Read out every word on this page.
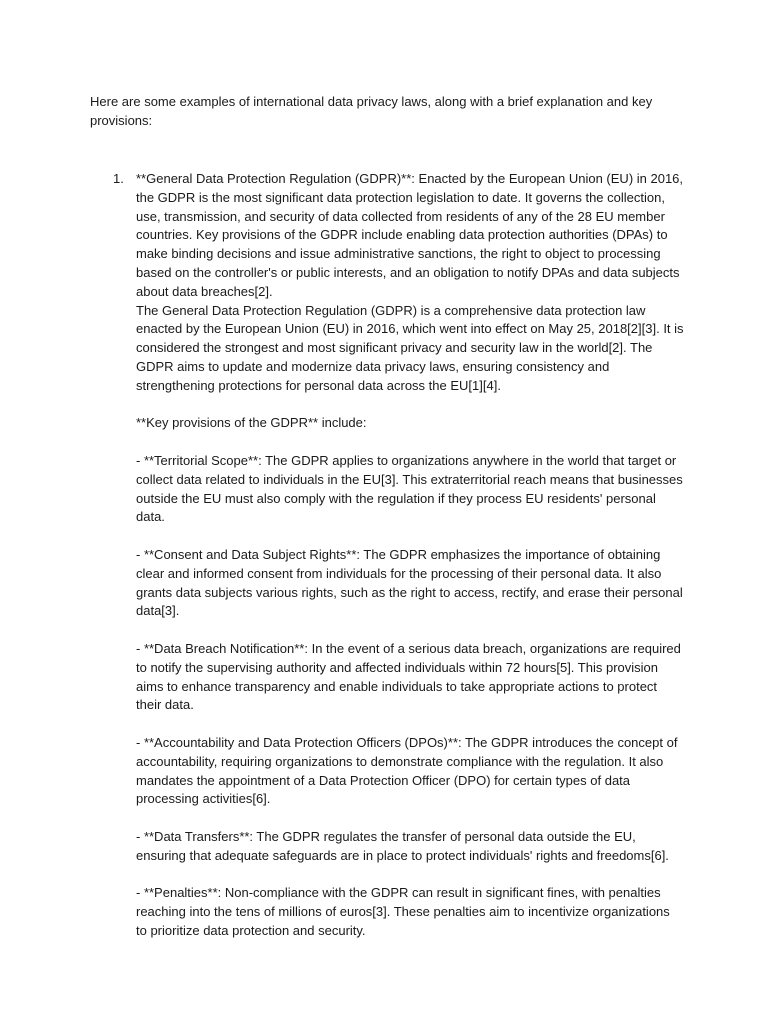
Here are some examples of international data privacy laws, along with a brief explanation and key provisions:

1. **General Data Protection Regulation (GDPR)**: Enacted by the European Union (EU) in 2016, the GDPR is the most significant data protection legislation to date. It governs the collection, use, transmission, and security of data collected from residents of any of the 28 EU member countries. Key provisions of the GDPR include enabling data protection authorities (DPAs) to make binding decisions and issue administrative sanctions, the right to object to processing based on the controller's or public interests, and an obligation to notify DPAs and data subjects about data breaches[2].

The General Data Protection Regulation (GDPR) is a comprehensive data protection law enacted by the European Union (EU) in 2016, which went into effect on May 25, 2018[2][3]. It is considered the strongest and most significant privacy and security law in the world[2]. The GDPR aims to update and modernize data privacy laws, ensuring consistency and strengthening protections for personal data across the EU[1][4].

**Key provisions of the GDPR** include:

- **Territorial Scope**: The GDPR applies to organizations anywhere in the world that target or collect data related to individuals in the EU[3]. This extraterritorial reach means that businesses outside the EU must also comply with the regulation if they process EU residents' personal data.

- **Consent and Data Subject Rights**: The GDPR emphasizes the importance of obtaining clear and informed consent from individuals for the processing of their personal data. It also grants data subjects various rights, such as the right to access, rectify, and erase their personal data[3].

- **Data Breach Notification**: In the event of a serious data breach, organizations are required to notify the supervising authority and affected individuals within 72 hours[5]. This provision aims to enhance transparency and enable individuals to take appropriate actions to protect their data.

- **Accountability and Data Protection Officers (DPOs)**: The GDPR introduces the concept of accountability, requiring organizations to demonstrate compliance with the regulation. It also mandates the appointment of a Data Protection Officer (DPO) for certain types of data processing activities[6].

- **Data Transfers**: The GDPR regulates the transfer of personal data outside the EU, ensuring that adequate safeguards are in place to protect individuals' rights and freedoms[6].

- **Penalties**: Non-compliance with the GDPR can result in significant fines, with penalties reaching into the tens of millions of euros[3]. These penalties aim to incentivize organizations to prioritize data protection and security.
